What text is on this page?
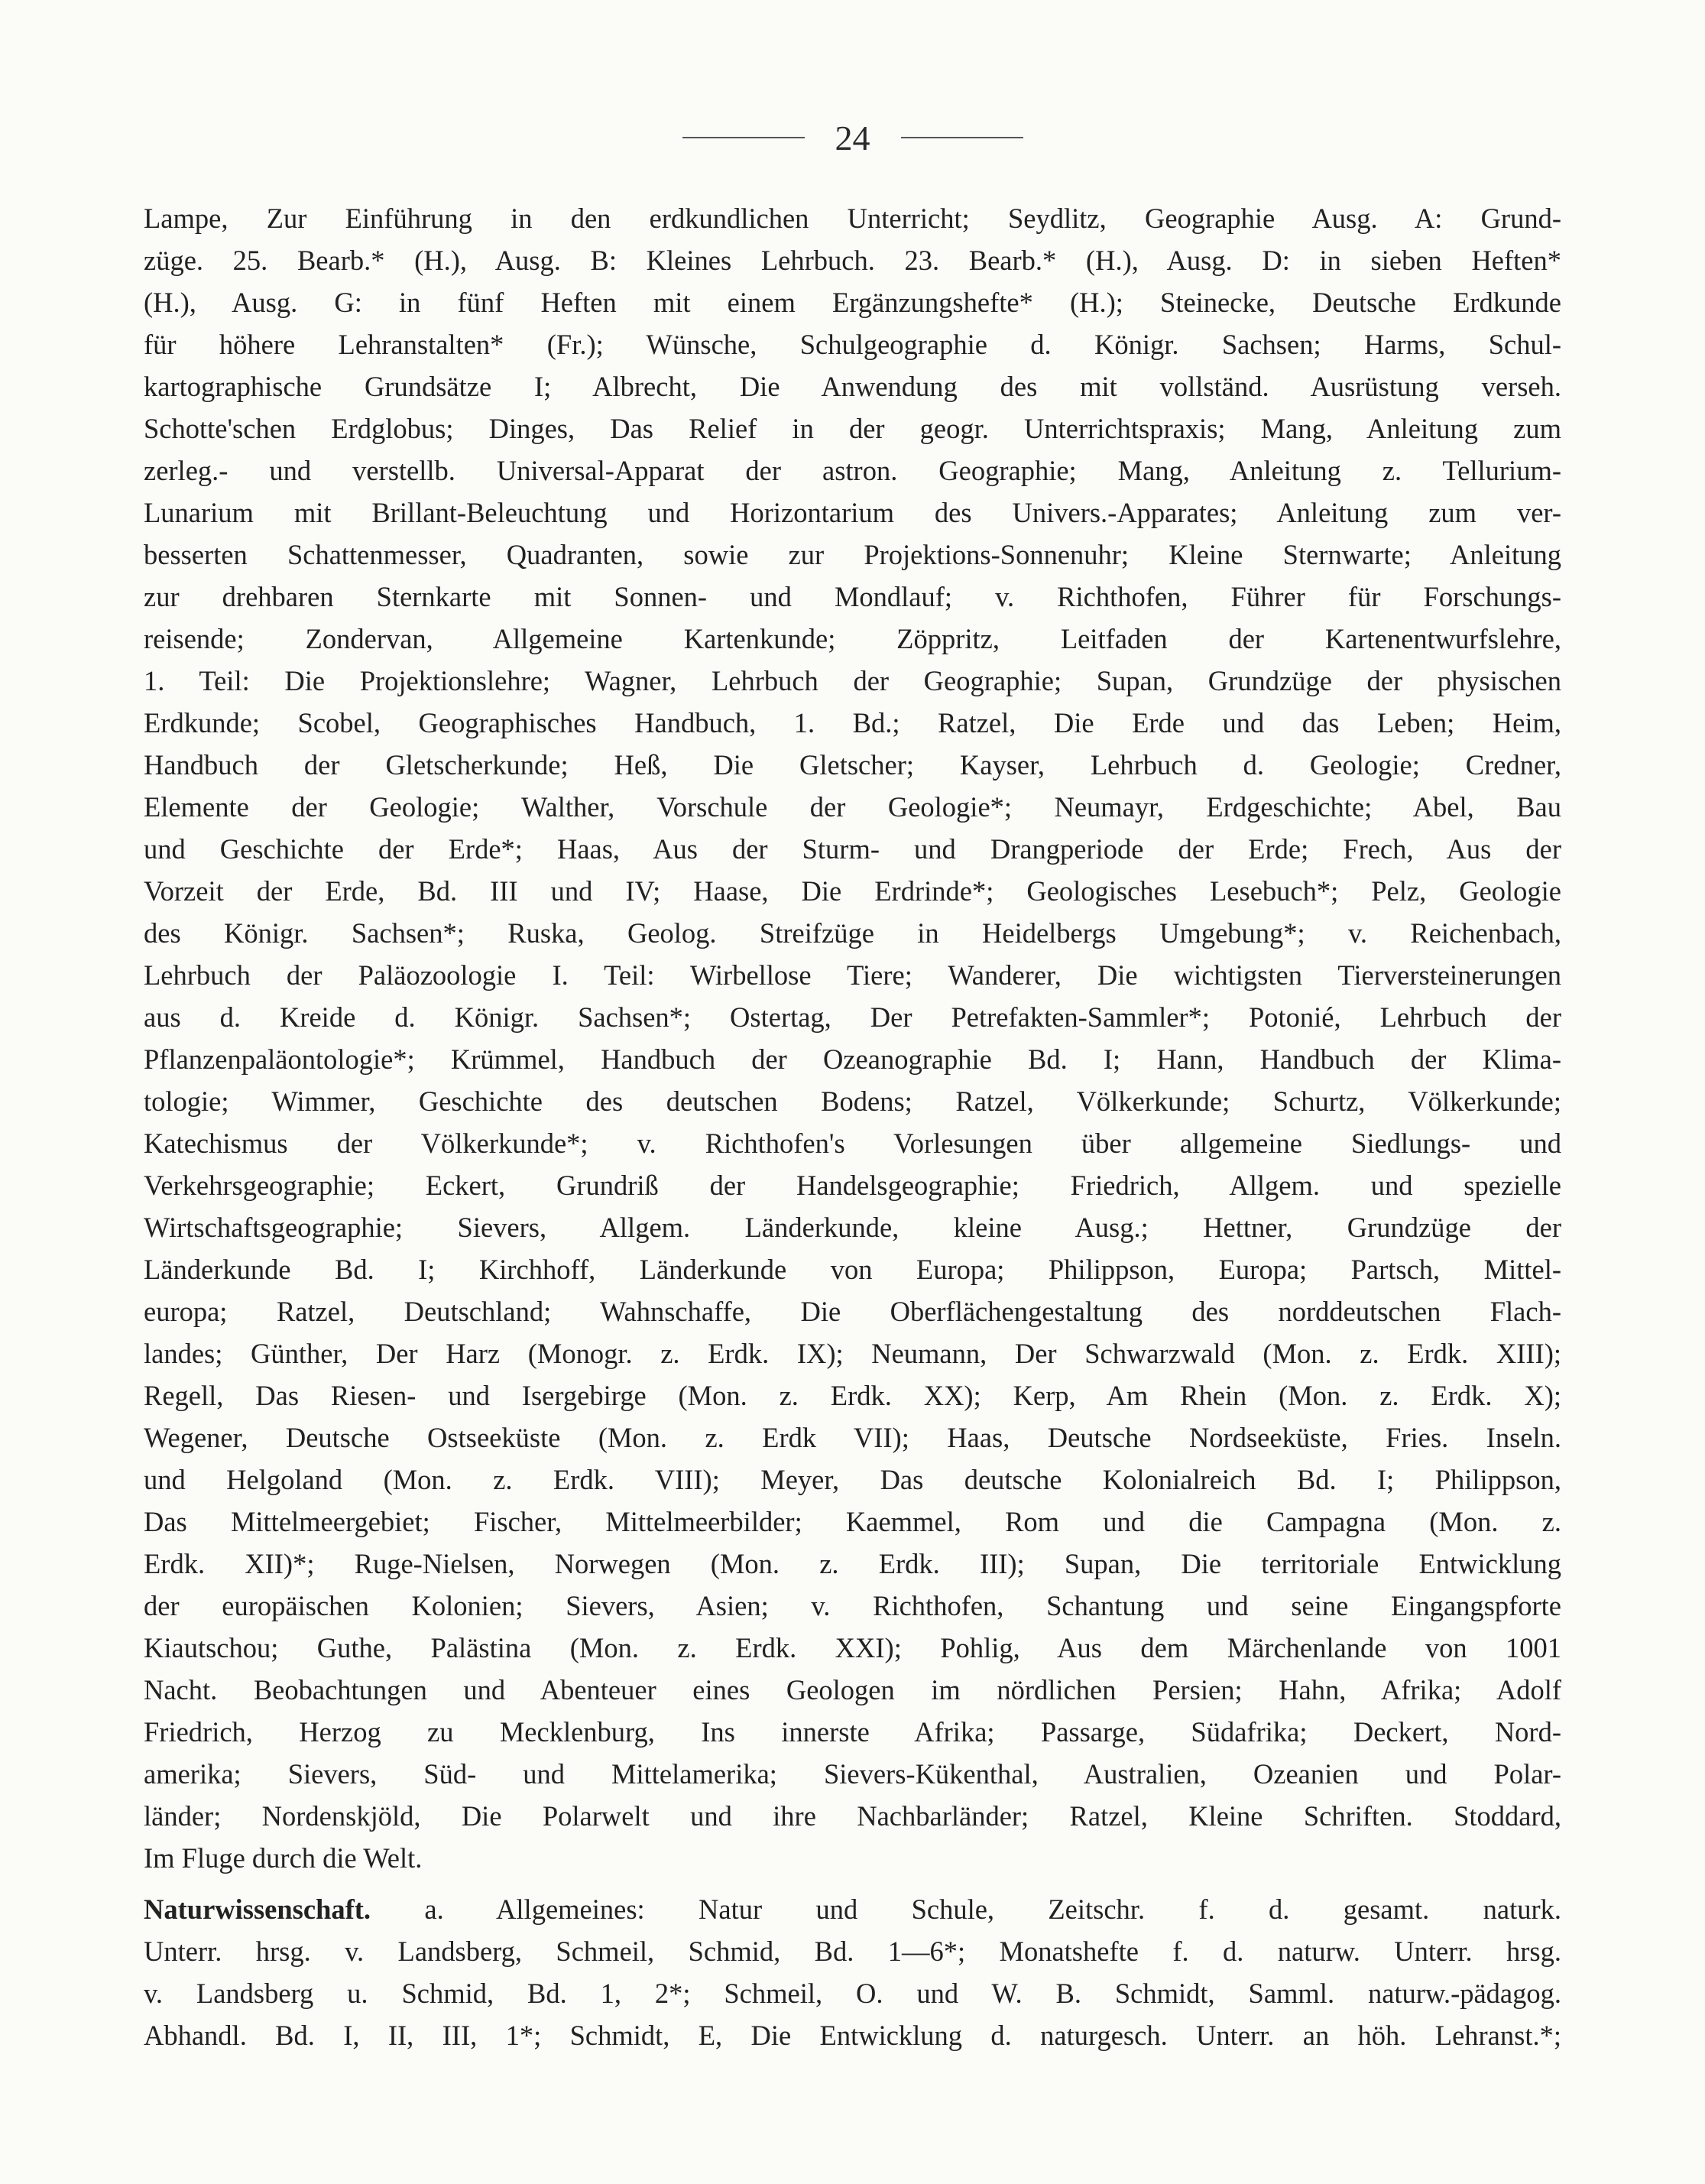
24
Lampe, Zur Einführung in den erdkundlichen Unterricht; Seydlitz, Geographie Ausg. A: Grund-
züge. 25. Bearb.* (H.), Ausg. B: Kleines Lehrbuch. 23. Bearb.* (H.), Ausg. D: in sieben Heften*
(H.), Ausg. G: in fünf Heften mit einem Ergänzungshefte* (H.); Steinecke, Deutsche Erdkunde
für höhere Lehranstalten* (Fr.); Wünsche, Schulgeographie d. Königr. Sachsen; Harms, Schul-
kartographische Grundsätze I; Albrecht, Die Anwendung des mit vollständ. Ausrüstung verseh.
Schotte'schen Erdglobus; Dinges, Das Relief in der geogr. Unterrichtspraxis; Mang, Anleitung zum
zerleg.- und verstellb. Universal-Apparat der astron. Geographie; Mang, Anleitung z. Tellurium-
Lunarium mit Brillant-Beleuchtung und Horizontarium des Univers.-Apparates; Anleitung zum ver-
besserten Schattenmesser, Quadranten, sowie zur Projektions-Sonnenuhr; Kleine Sternwarte; Anleitung
zur drehbaren Sternkarte mit Sonnen- und Mondlauf; v. Richthofen, Führer für Forschungs-
reisende; Zondervan, Allgemeine Kartenkunde; Zöppritz, Leitfaden der Kartenentwurfslehre,
1. Teil: Die Projektionslehre; Wagner, Lehrbuch der Geographie; Supan, Grundzüge der physischen
Erdkunde; Scobel, Geographisches Handbuch, 1. Bd.; Ratzel, Die Erde und das Leben; Heim,
Handbuch der Gletscherkunde; Heß, Die Gletscher; Kayser, Lehrbuch d. Geologie; Credner,
Elemente der Geologie; Walther, Vorschule der Geologie*; Neumayr, Erdgeschichte; Abel, Bau
und Geschichte der Erde*; Haas, Aus der Sturm- und Drangperiode der Erde; Frech, Aus der
Vorzeit der Erde, Bd. III und IV; Haase, Die Erdrinde*; Geologisches Lesebuch*; Pelz, Geologie
des Königr. Sachsen*; Ruska, Geolog. Streifzüge in Heidelbergs Umgebung*; v. Reichenbach,
Lehrbuch der Paläozoologie I. Teil: Wirbellose Tiere; Wanderer, Die wichtigsten Tierversteinerungen
aus d. Kreide d. Königr. Sachsen*; Ostertag, Der Petrefakten-Sammler*; Potonié, Lehrbuch der
Pflanzenpaläontologie*; Krümmel, Handbuch der Ozeanographie Bd. I; Hann, Handbuch der Klima-
tologie; Wimmer, Geschichte des deutschen Bodens; Ratzel, Völkerkunde; Schurtz, Völkerkunde;
Katechismus der Völkerkunde*; v. Richthofen's Vorlesungen über allgemeine Siedlungs- und
Verkehrsgeographie; Eckert, Grundriß der Handelsgeographie; Friedrich, Allgem. und spezielle
Wirtschaftsgeographie; Sievers, Allgem. Länderkunde, kleine Ausg.; Hettner, Grundzüge der
Länderkunde Bd. I; Kirchhoff, Länderkunde von Europa; Philippson, Europa; Partsch, Mittel-
europa; Ratzel, Deutschland; Wahnschaffe, Die Oberflächengestaltung des norddeutschen Flach-
landes; Günther, Der Harz (Monogr. z. Erdk. IX); Neumann, Der Schwarzwald (Mon. z. Erdk. XIII);
Regell, Das Riesen- und Isergebirge (Mon. z. Erdk. XX); Kerp, Am Rhein (Mon. z. Erdk. X);
Wegener, Deutsche Ostseeküste (Mon. z. Erdk VII); Haas, Deutsche Nordseeküste, Fries. Inseln.
und Helgoland (Mon. z. Erdk. VIII); Meyer, Das deutsche Kolonialreich Bd. I; Philippson,
Das Mittelmeergebiet; Fischer, Mittelmeerbilder; Kaemmel, Rom und die Campagna (Mon. z.
Erdk. XII)*; Ruge-Nielsen, Norwegen (Mon. z. Erdk. III); Supan, Die territoriale Entwicklung
der europäischen Kolonien; Sievers, Asien; v. Richthofen, Schantung und seine Eingangspforte
Kiautschou; Guthe, Palästina (Mon. z. Erdk. XXI); Pohlig, Aus dem Märchenlande von 1001
Nacht. Beobachtungen und Abenteuer eines Geologen im nördlichen Persien; Hahn, Afrika; Adolf
Friedrich, Herzog zu Mecklenburg, Ins innerste Afrika; Passarge, Südafrika; Deckert, Nord-
amerika; Sievers, Süd- und Mittelamerika; Sievers-Kükenthal, Australien, Ozeanien und Polar-
länder; Nordenskjöld, Die Polarwelt und ihre Nachbarländer; Ratzel, Kleine Schriften. Stoddard,
Im Fluge durch die Welt.
Naturwissenschaft. a. Allgemeines: Natur und Schule, Zeitschr. f. d. gesamt. naturk.
Unterr. hrsg. v. Landsberg, Schmeil, Schmid, Bd. 1—6*; Monatshefte f. d. naturw. Unterr. hrsg.
v. Landsberg u. Schmid, Bd. 1, 2*; Schmeil, O. und W. B. Schmidt, Samml. naturw.-pädagog.
Abhandl. Bd. I, II, III, 1*; Schmidt, E, Die Entwicklung d. naturgesch. Unterr. an höh. Lehranst.*;
